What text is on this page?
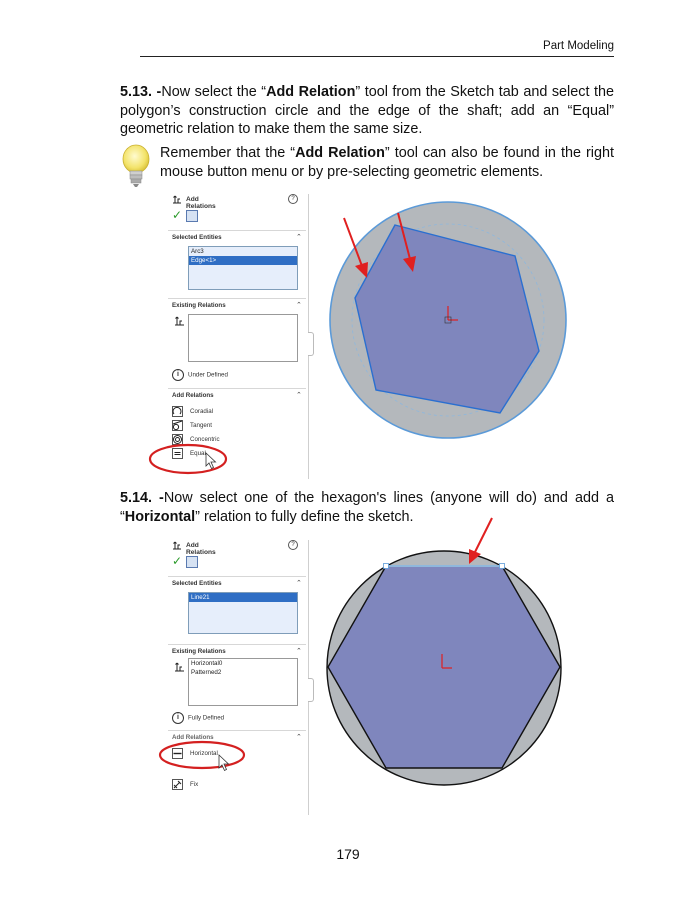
Part Modeling

5.13. -Now select the “Add Relation” tool from the Sketch tab and select the polygon’s construction circle and the edge of the shaft; add an “Equal” geometric relation to make them the same size.

Remember that the “Add Relation” tool can also be found in the right mouse button menu or by pre-selecting geometric elements.

Add Relations
?
✓
Selected Entities	⌃
Arc3
Edge<1>
Existing Relations	⌃
i Under Defined
Add Relations	⌃
Coradial
Tangent
Concentric
Equal

5.14. -Now select one of the hexagon's lines (anyone will do) and add a “Horizontal” relation to fully define the sketch.

Add Relations
?
✓
Selected Entities	⌃
Line21
Existing Relations	⌃
Horizontal0
Patterned2
i Fully Defined
Add Relations	⌃
Horizontal
Fix
179
